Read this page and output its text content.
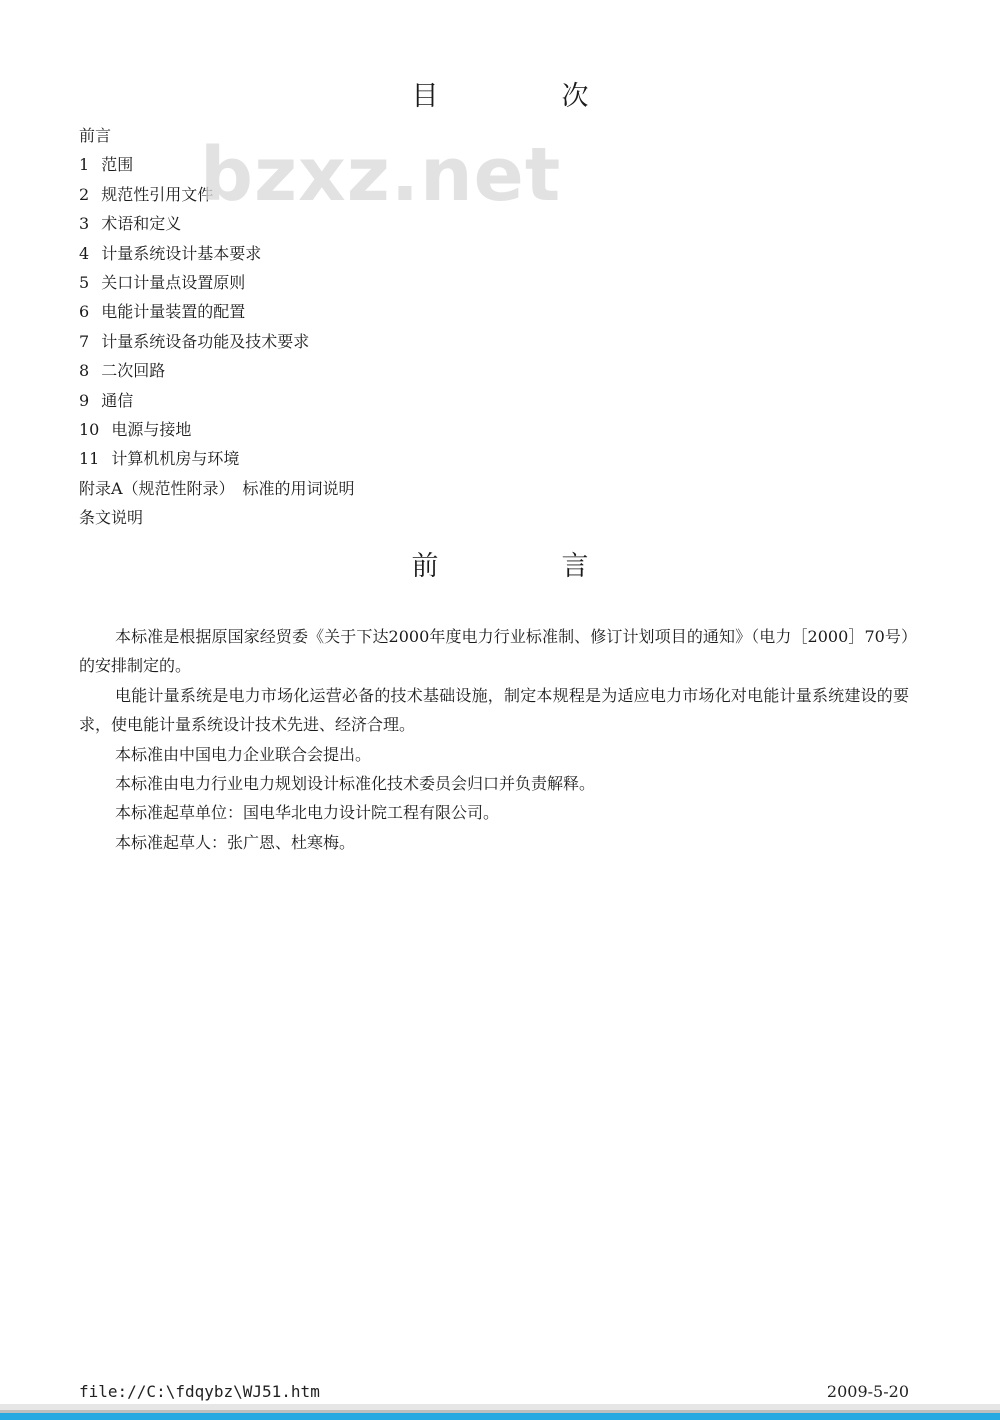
目　次
前言
1 范围
2 规范性引用文件
3 术语和定义
4 计量系统设计基本要求
5 关口计量点设置原则
6 电能计量装置的配置
7 计量系统设备功能及技术要求
8 二次回路
9 通信
10 电源与接地
11 计算机机房与环境
附录A（规范性附录）　标准的用词说明
条文说明
bzxz.net
前　言

本标准是根据原国家经贸委《关于下达2000年度电力行业标准制、修订计划项目的通知》（电力［2000］70号）的安排制定的。

电能计量系统是电力市场化运营必备的技术基础设施，制定本规程是为适应电力市场化对电能计量系统建设的要求，使电能计量系统设计技术先进、经济合理。

本标准由中国电力企业联合会提出。

本标准由电力行业电力规划设计标准化技术委员会归口并负责解释。

本标准起草单位：国电华北电力设计院工程有限公司。

本标准起草人：张广恩、杜寒梅。

file://C:\fdqybz\WJ51.htm	2009-5-20
